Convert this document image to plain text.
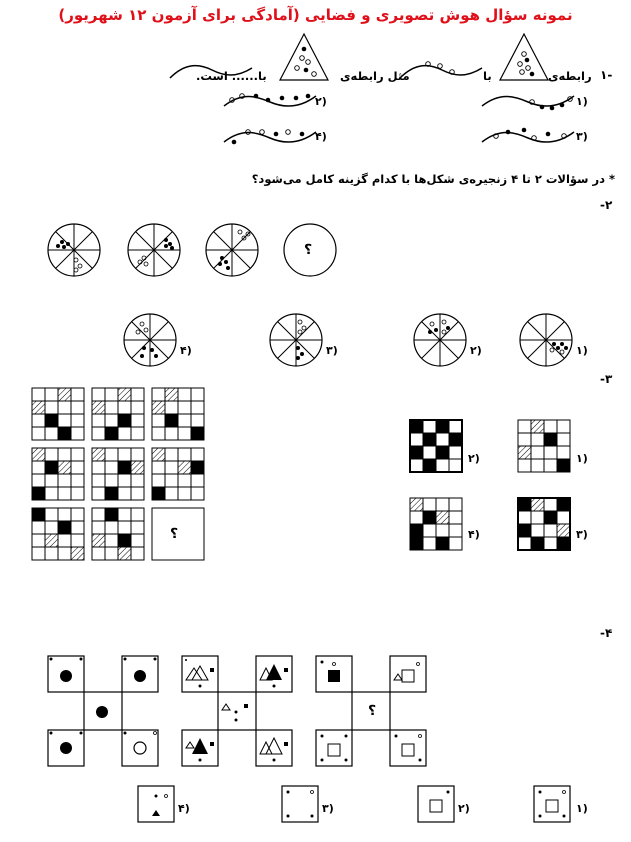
نمونه سؤال هوش تصویری و فضایی (آمادگی برای آزمون ۱۲ شهریور)
۱-
رابطه‌ی
با
مثل رابطه‌ی
با
...... است.
۱)
۲)
۳)
۴)
* در سؤالات ۲ تا ۴ زنجیره‌ی شکل‌ها با کدام گزینه کامل می‌شود؟
-۲
؟
۱)
۲)
۳)
۴)
-۳
؟
۱)
۲)
۳)
۴)
-۴
؟
۱)
۲)
۳)
۴)
